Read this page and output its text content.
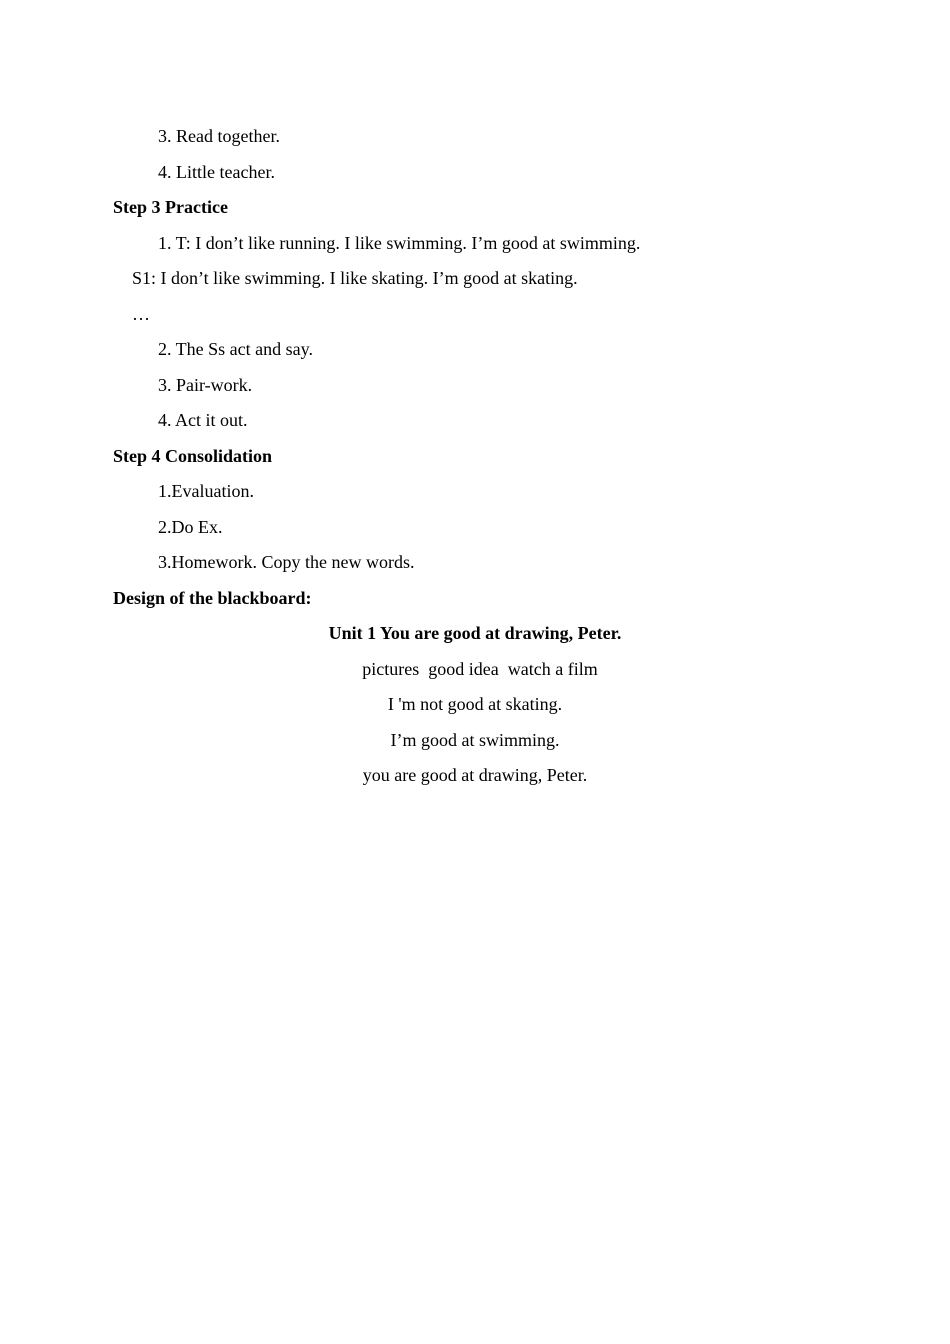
3. Read together.
4. Little teacher.
Step 3 Practice
1. T: I don’t like running. I like swimming. I’m good at swimming.
S1: I don’t like swimming. I like skating. I’m good at skating.
…
2. The Ss act and say.
3. Pair-work.
4. Act it out.
Step 4 Consolidation
1.Evaluation.
2.Do Ex.
3.Homework. Copy the new words.
Design of the blackboard:
Unit 1 You are good at drawing, Peter.
pictures  good idea  watch a film
I 'm not good at skating.
I’m good at swimming.
you are good at drawing, Peter.
